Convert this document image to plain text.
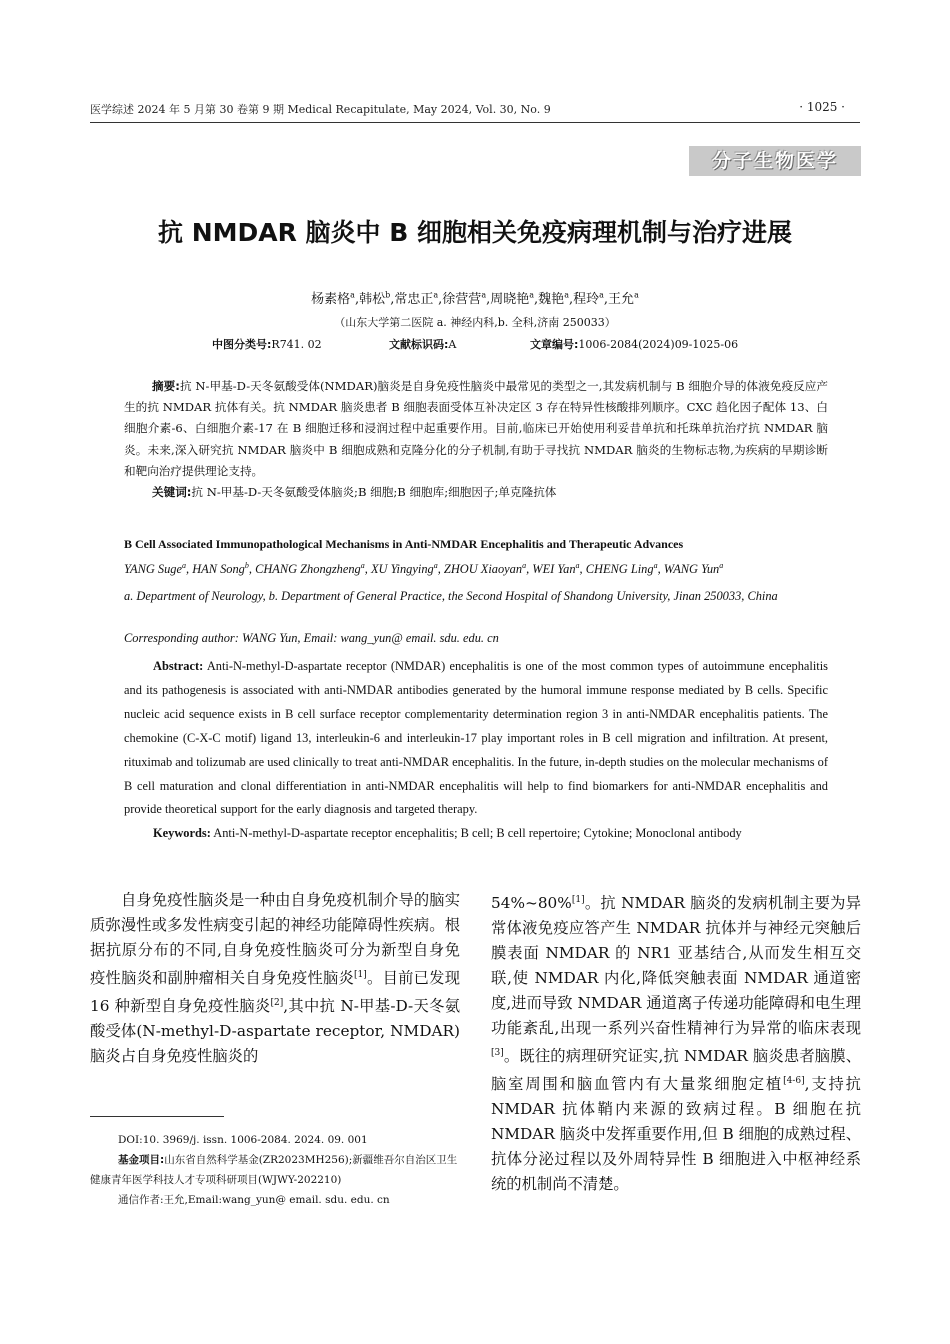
医学综述 2024 年 5 月第 30 卷第 9 期 Medical Recapitulate, May 2024, Vol. 30, No. 9	· 1025 ·
分子生物医学
抗 NMDAR 脑炎中 B 细胞相关免疫病理机制与治疗进展
杨素格$^a$,韩松$^b$,常忠正$^a$,徐营营$^a$,周晓艳$^a$,魏艳$^a$,程玲$^a$,王允$^a$
（山东大学第二医院 a. 神经内科,b. 全科,济南 250033）
中图分类号:R741. 02	文献标识码:A	文章编号:1006-2084(2024)09-1025-06

摘要:抗 N-甲基-D-天冬氨酸受体(NMDAR)脑炎是自身免疫性脑炎中最常见的类型之一,其发病机制与 B 细胞介导的体液免疫反应产生的抗 NMDAR 抗体有关。抗 NMDAR 脑炎患者 B 细胞表面受体互补决定区 3 存在特异性核酸排列顺序。CXC 趋化因子配体 13、白细胞介素-6、白细胞介素-17 在 B 细胞迁移和浸润过程中起重要作用。目前,临床已开始使用利妥昔单抗和托珠单抗治疗抗 NMDAR 脑炎。未来,深入研究抗 NMDAR 脑炎中 B 细胞成熟和克隆分化的分子机制,有助于寻找抗 NMDAR 脑炎的生物标志物,为疾病的早期诊断和靶向治疗提供理论支持。

关键词:抗 N-甲基-D-天冬氨酸受体脑炎;B 细胞;B 细胞库;细胞因子;单克隆抗体

B Cell Associated Immunopathological Mechanisms in Anti-NMDAR Encephalitis and Therapeutic Advances
YANG Suge$^a$, HAN Song$^b$, CHANG Zhongzheng$^a$, XU Yingying$^a$, ZHOU Xiaoyan$^a$, WEI Yan$^a$, CHENG Ling$^a$, WANG Yun$^a$
a. Department of Neurology, b. Department of General Practice, the Second Hospital of Shandong University, Jinan 250033, China
Corresponding author: WANG Yun, Email: wang_yun@ email. sdu. edu. cn

Abstract: Anti-N-methyl-D-aspartate receptor (NMDAR) encephalitis is one of the most common types of autoimmune encephalitis and its pathogenesis is associated with anti-NMDAR antibodies generated by the humoral immune response mediated by B cells. Specific nucleic acid sequence exists in B cell surface receptor complementarity determination region 3 in anti-NMDAR encephalitis patients. The chemokine (C-X-C motif) ligand 13, interleukin-6 and interleukin-17 play important roles in B cell migration and infiltration. At present, rituximab and tolizumab are used clinically to treat anti-NMDAR encephalitis. In the future, in-depth studies on the molecular mechanisms of B cell maturation and clonal differentiation in anti-NMDAR encephalitis will help to find biomarkers for anti-NMDAR encephalitis and provide theoretical support for the early diagnosis and targeted therapy.

Keywords: Anti-N-methyl-D-aspartate receptor encephalitis; B cell; B cell repertoire; Cytokine; Monoclonal antibody

自身免疫性脑炎是一种由自身免疫机制介导的脑实质弥漫性或多发性病变引起的神经功能障碍性疾病。根据抗原分布的不同,自身免疫性脑炎可分为新型自身免疫性脑炎和副肿瘤相关自身免疫性脑炎[1]。目前已发现 16 种新型自身免疫性脑炎[2],其中抗 N-甲基-D-天冬氨酸受体(N-methyl-D-aspartate receptor, NMDAR)脑炎占自身免疫性脑炎的

54%~80%[1]。抗 NMDAR 脑炎的发病机制主要为异常体液免疫应答产生 NMDAR 抗体并与神经元突触后膜表面 NMDAR 的 NR1 亚基结合,从而发生相互交联,使 NMDAR 内化,降低突触表面 NMDAR 通道密度,进而导致 NMDAR 通道离子传递功能障碍和电生理功能紊乱,出现一系列兴奋性精神行为异常的临床表现[3]。既往的病理研究证实,抗 NMDAR 脑炎患者脑膜、脑室周围和脑血管内有大量浆细胞定植[4-6],支持抗 NMDAR 抗体鞘内来源的致病过程。B 细胞在抗 NMDAR 脑炎中发挥重要作用,但 B 细胞的成熟过程、抗体分泌过程以及外周特异性 B 细胞进入中枢神经系统的机制尚不清楚。

DOI:10. 3969/j. issn. 1006-2084. 2024. 09. 001
基金项目:山东省自然科学基金(ZR2023MH256);新疆维吾尔自治区卫生健康青年医学科技人才专项科研项目(WJWY-202210)
通信作者:王允,Email:wang_yun@ email. sdu. edu. cn
